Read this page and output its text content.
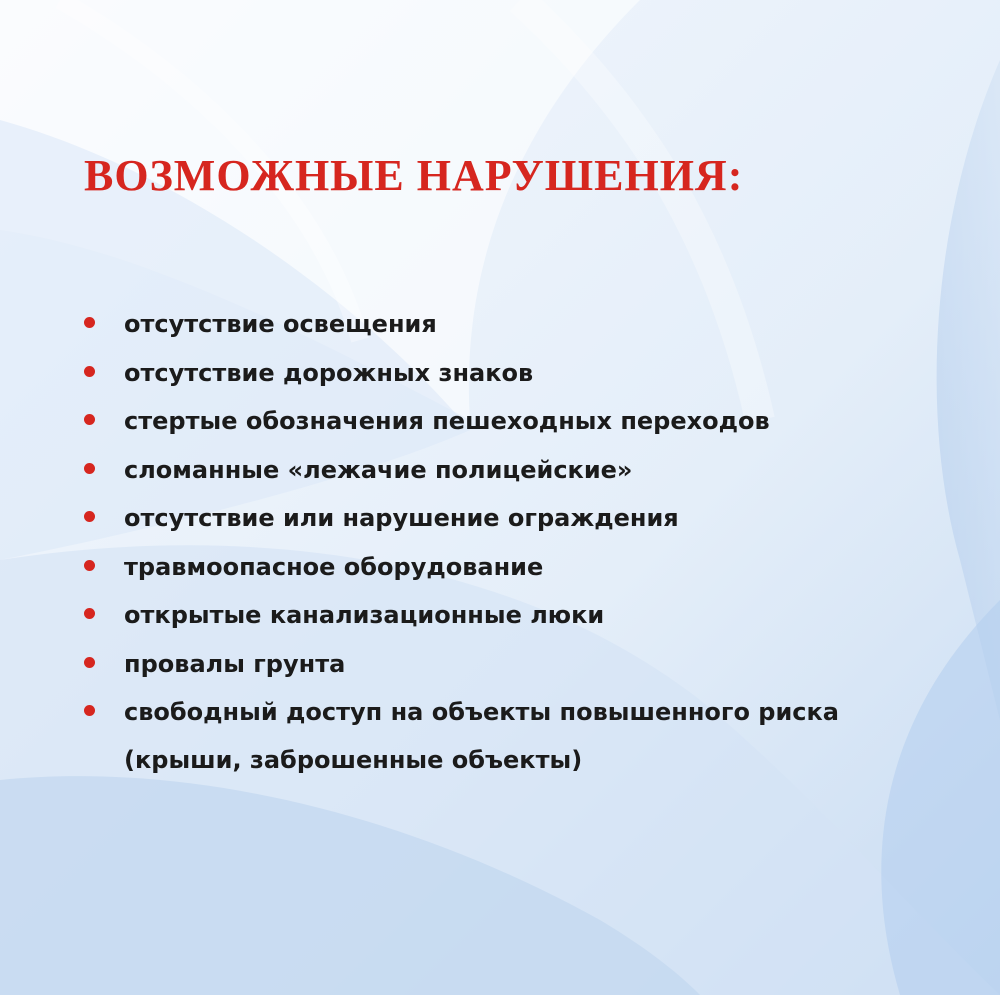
ВОЗМОЖНЫЕ НАРУШЕНИЯ:
отсутствие освещения
отсутствие дорожных знаков
стертые обозначения пешеходных переходов
сломанные «лежачие полицейские»
отсутствие или нарушение ограждения
травмоопасное оборудование
открытые канализационные люки
провалы грунта
свободный доступ на объекты повышенного риска (крыши, заброшенные объекты)
